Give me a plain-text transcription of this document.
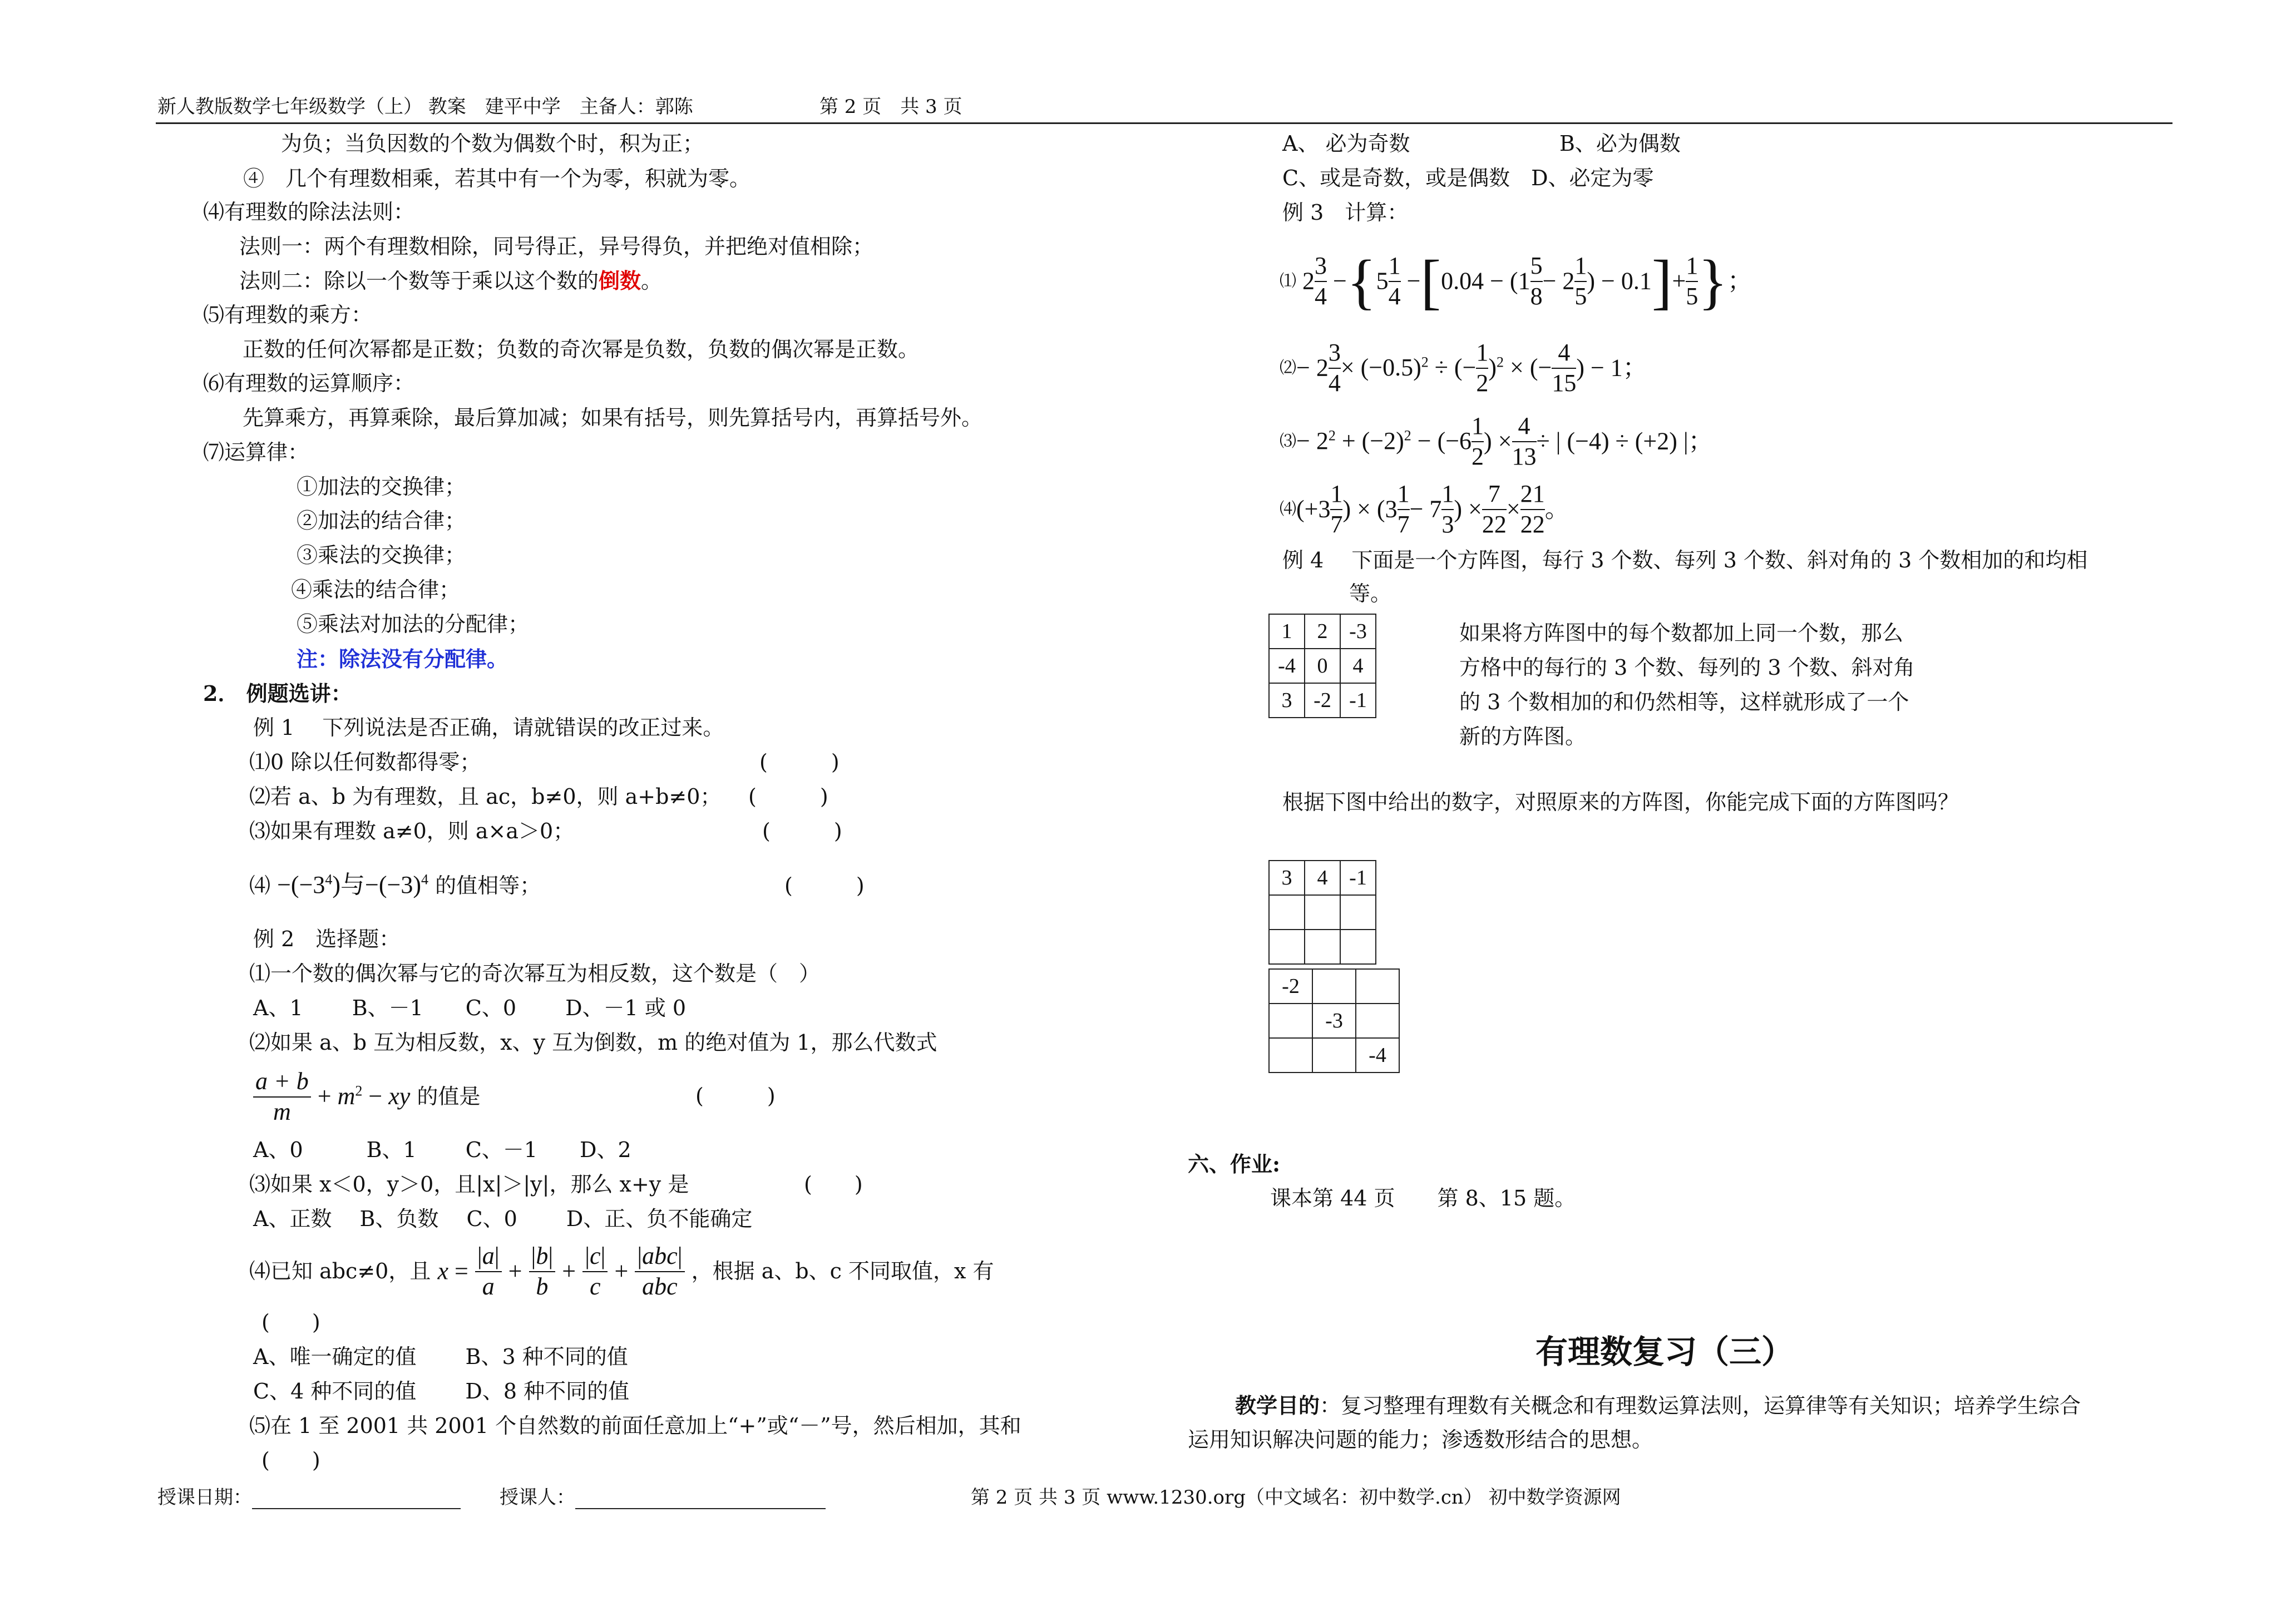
新人教版数学七年级数学（上） 教案　建平中学　主备人：郭陈	第 2 页　共 3 页
为负；当负因数的个数为偶数个时，积为正；
④　几个有理数相乘，若其中有一个为零，积就为零。
⑷有理数的除法法则：
法则一：两个有理数相除，同号得正，异号得负，并把绝对值相除；
法则二：除以一个数等于乘以这个数的倒数。
⑸有理数的乘方：
正数的任何次幂都是正数；负数的奇次幂是负数，负数的偶次幂是正数。
⑹有理数的运算顺序：
先算乘方，再算乘除，最后算加减；如果有括号，则先算括号内，再算括号外。
⑺运算律：
①加法的交换律；
②加法的结合律；
③乘法的交换律；
④乘法的结合律；
⑤乘法对加法的分配律；
注：除法没有分配律。
2． 例题选讲：
例 1　 下列说法是否正确，请就错误的改正过来。
⑴0 除以任何数都得零；	(　　　)
⑵若 a、b 为有理数，且 ac，b≠0，则 a+b≠0； (　　　)
⑶如果有理数 a≠0，则 a×a＞0；	(　　　)
⑷ $-(-3^4)$与$-(-3)^4$ 的值相等；	(　　　)
例 2　选择题：
⑴一个数的偶次幂与它的奇次幂互为相反数，这个数是（　）
A、1　　 B、－1　　C、0　　 D、－1 或 0
⑵如果 a、b 互为相反数，x、y 互为倒数，m 的绝对值为 1，那么代数式
$\frac{a + b}{m} + m^2$ − xy 的值是	(　　　)
A、0　　　B、1　　 C、－1　　D、2
⑶如果 x＜0，y＞0，且|x|＞|y|，那么 x+y 是	(　　)
A、正数　 B、负数　 C、0　　 D、正、负不能确定
⑷已知 abc≠0，且 $x = \frac{|a|}{a} + \frac{|b|}{b} + \frac{|c|}{c}$ +
|abc|
abc
，根据 a、b、c 不同取值，x 有
(　　)
A、唯一确定的值　　 B、3 种不同的值
C、4 种不同的值　　 D、8 种不同的值
⑸在 1 至 2001 共 2001 个自然数的前面任意加上“+”或“－”号，然后相加，其和
(　　)
A、 必为奇数	B、必为偶数
C、或是奇数，或是偶数　D、必定为零
例 3　计算：
⑴ $2 \frac{3}{4} -\{5 \frac{1}{4} -[0.04 - (1 \frac{5}{8} - 2 \frac{1}{5}$ ) − $0.1]+ \frac{1}{5}$ }；
⑵− $2 \frac{3}{4} \times (-0.5)^2$ ÷ (− $\frac{1}{2} )^2$ × (− $\frac{4}{15}$ ) − 1；
⑶− $2^2 + (-2)^2 - (-6 \frac{1}{2}$ ) × $\frac{4}{13}$ ÷ | (−4) ÷ (+2) |；
⑷(+3 $\frac{1}{7}$ ) × ($3 \frac{1}{7} - 7 \frac{1}{3}$ ) × $\frac{7}{22} \times \frac{21}{22}$ 。
例 4　 下面是一个方阵图，每行 3 个数、每列 3 个数、斜对角的 3 个数相加的和均相
等。
1	2	-3
-4	0	4
3	-2	-1
如果将方阵图中的每个数都加上同一个数，那么
方格中的每行的 3 个数、每列的 3 个数、斜对角
的 3 个数相加的和仍然相等，这样就形成了一个
新的方阵图。
根据下图中给出的数字，对照原来的方阵图，你能完成下面的方阵图吗？
3	4	-1

-2		
	-3	
		-4
六、作业:
课本第 44 页　　第 8、15 题。
有理数复习（三）
教学目的：复习整理有理数有关概念和有理数运算法则，运算律等有关知识；培养学生综合
运用知识解决问题的能力；渗透数形结合的思想。
授课日期：	授课人：	第 2 页 共 3 页 www.1230.org（中文域名：初中数学.cn） 初中数学资源网
